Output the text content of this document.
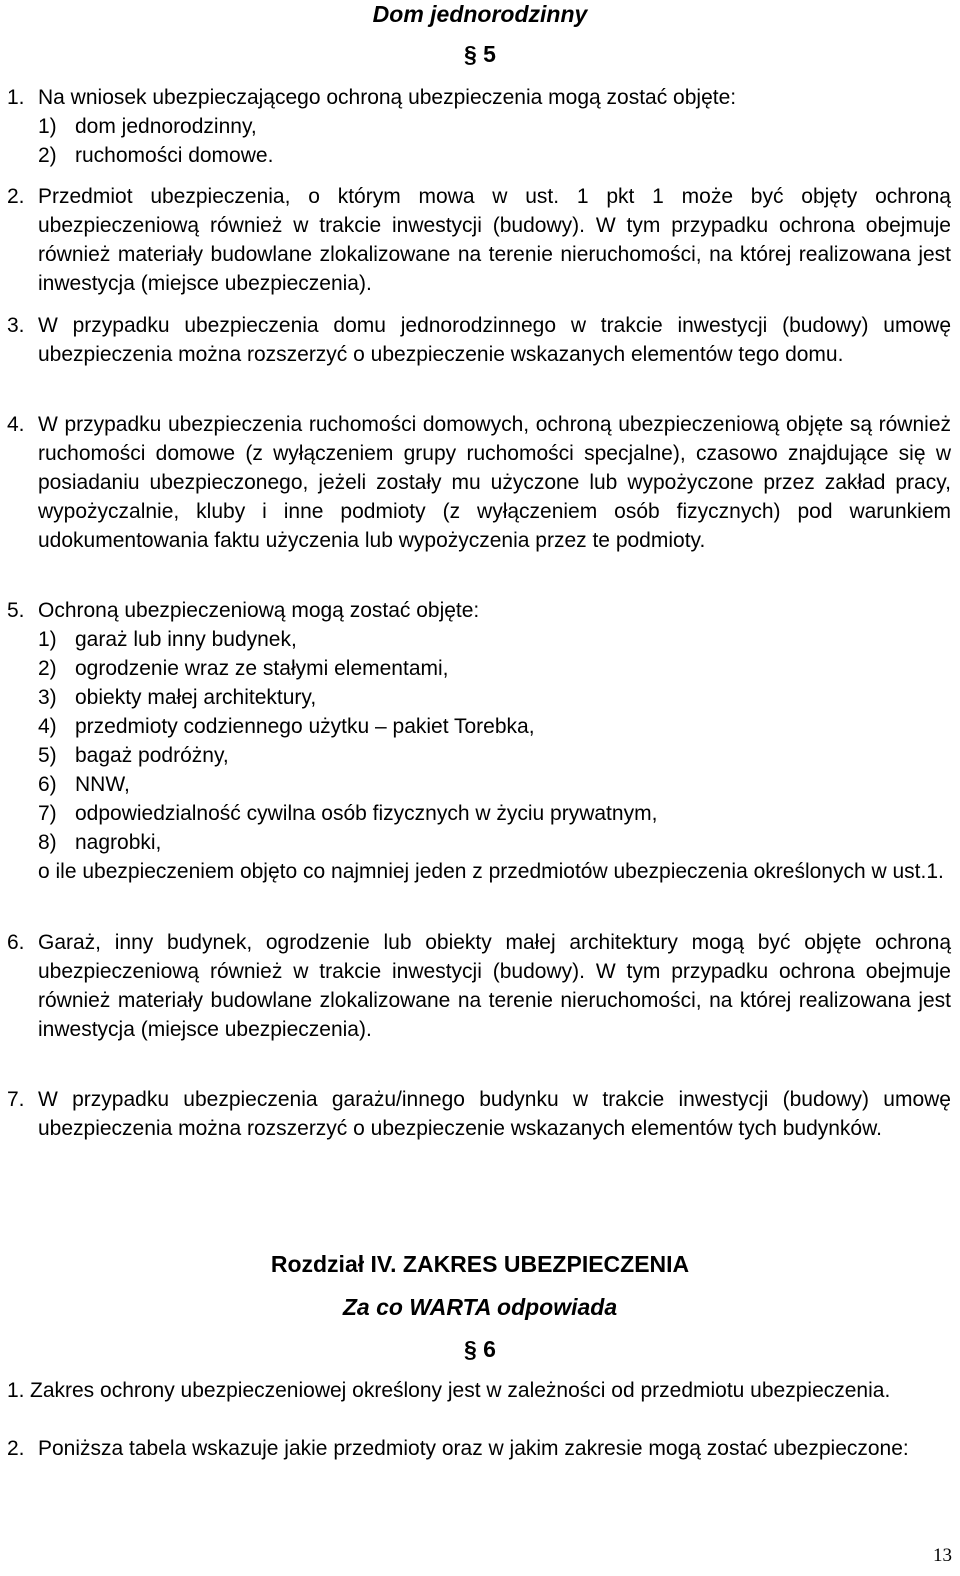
Dom jednorodzinny
§ 5
1. Na wniosek ubezpieczającego ochroną ubezpieczenia mogą zostać objęte:
1) dom jednorodzinny,
2) ruchomości domowe.
2. Przedmiot ubezpieczenia, o którym mowa w ust. 1 pkt 1 może być objęty ochroną ubezpieczeniową również w trakcie inwestycji (budowy). W tym przypadku ochrona obejmuje również materiały budowlane zlokalizowane na terenie nieruchomości, na której realizowana jest inwestycja (miejsce ubezpieczenia).
3. W przypadku ubezpieczenia domu jednorodzinnego w trakcie inwestycji (budowy) umowę ubezpieczenia można rozszerzyć o ubezpieczenie wskazanych elementów tego domu.
4. W przypadku ubezpieczenia ruchomości domowych, ochroną ubezpieczeniową objęte są również ruchomości domowe (z wyłączeniem grupy ruchomości specjalne), czasowo znajdujące się w posiadaniu ubezpieczonego, jeżeli zostały mu użyczone lub wypożyczone przez zakład pracy, wypożyczalnie, kluby i inne podmioty (z wyłączeniem osób fizycznych) pod warunkiem udokumentowania faktu użyczenia lub wypożyczenia przez te podmioty.
5. Ochroną ubezpieczeniową mogą zostać objęte:
1) garaż lub inny budynek,
2) ogrodzenie wraz ze stałymi elementami,
3) obiekty małej architektury,
4) przedmioty codziennego użytku – pakiet Torebka,
5) bagaż podróżny,
6) NNW,
7) odpowiedzialność cywilna osób fizycznych w życiu prywatnym,
8) nagrobki,
o ile ubezpieczeniem objęto co najmniej jeden z przedmiotów ubezpieczenia określonych w ust.1.
6. Garaż, inny budynek, ogrodzenie lub obiekty małej architektury mogą być objęte ochroną ubezpieczeniową również w trakcie inwestycji (budowy). W tym przypadku ochrona obejmuje również materiały budowlane zlokalizowane na terenie nieruchomości, na której realizowana jest inwestycja (miejsce ubezpieczenia).
7. W przypadku ubezpieczenia garażu/innego budynku w trakcie inwestycji (budowy) umowę ubezpieczenia można rozszerzyć o ubezpieczenie wskazanych elementów tych budynków.
Rozdział IV. ZAKRES UBEZPIECZENIA
Za co WARTA odpowiada
§ 6
1. Zakres ochrony ubezpieczeniowej określony jest w zależności od przedmiotu ubezpieczenia.
2. Poniższa tabela wskazuje jakie przedmioty oraz w jakim zakresie mogą zostać ubezpieczone:
13
